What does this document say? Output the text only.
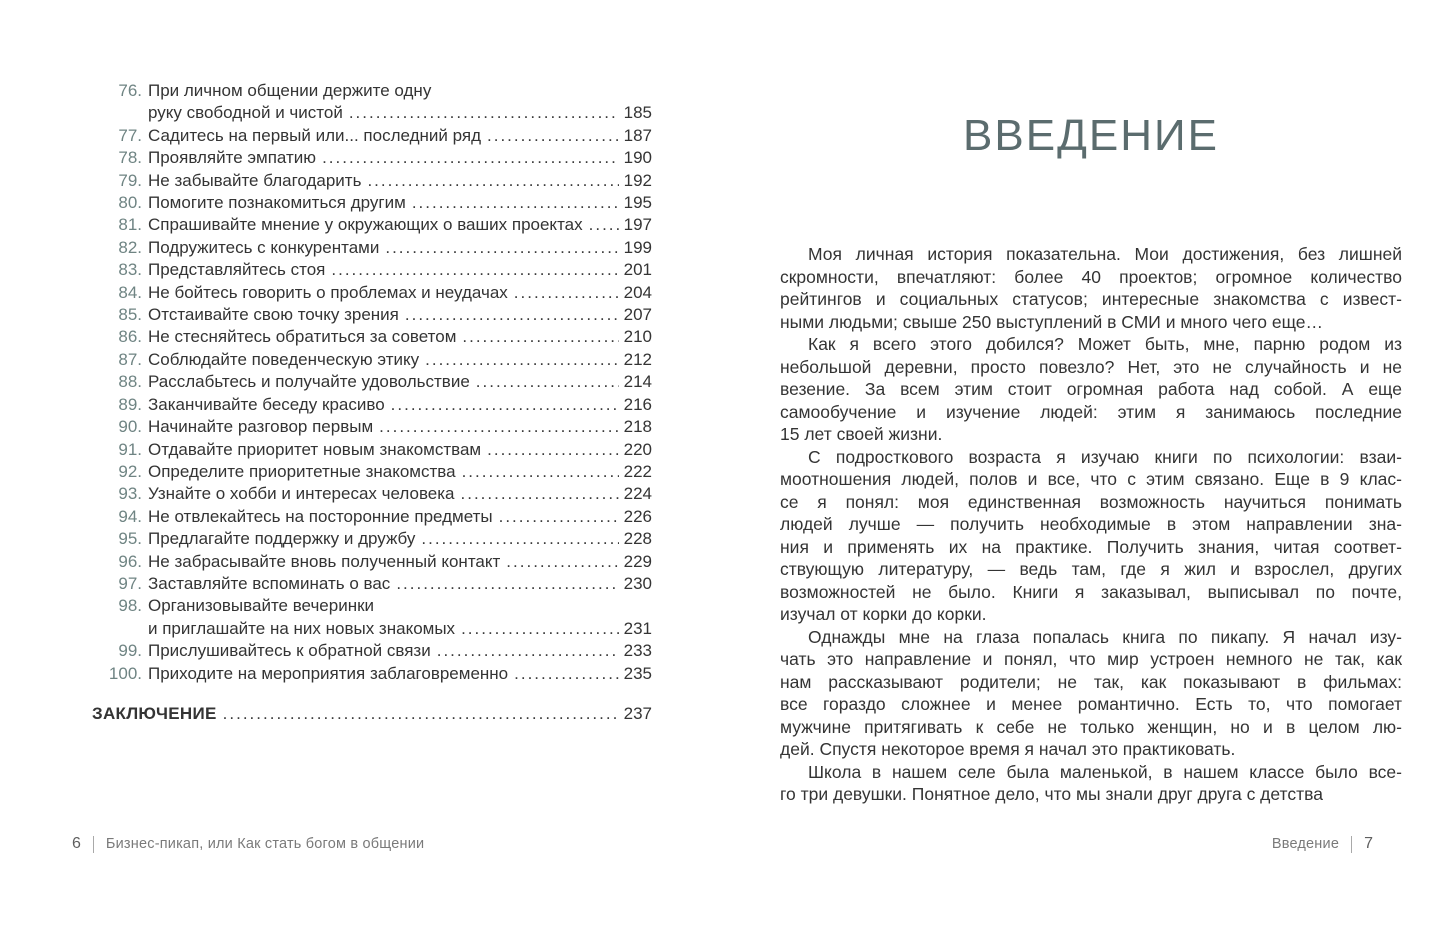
76. При личном общении держите одну
руку свободной и чистой .....	185
77. Садитесь на первый или... последний ряд .....	187
78. Проявляйте эмпатию .....	190
79. Не забывайте благодарить .....	192
80. Помогите познакомиться другим .....	195
81. Спрашивайте мнение у окружающих о ваших проектах ..... 197
82. Подружитесь с конкурентами .....	199
83. Представляйтесь стоя .....	201
84. Не бойтесь говорить о проблемах и неудачах .....	204
85. Отстаивайте свою точку зрения .....	207
86. Не стесняйтесь обратиться за советом .....	210
87. Соблюдайте поведенческую этику .....	212
88. Расслабьтесь и получайте удовольствие .....	214
89. Заканчивайте беседу красиво .....	216
90. Начинайте разговор первым .....	218
91. Отдавайте приоритет новым знакомствам .....	220
92. Определите приоритетные знакомства .....	222
93. Узнайте о хобби и интересах человека .....	224
94. Не отвлекайтесь на посторонние предметы .....	226
95. Предлагайте поддержку и дружбу .....	228
96. Не забрасывайте вновь полученный контакт .....	229
97. Заставляйте вспоминать о вас .....	230
98. Организовывайте вечеринки
и приглашайте на них новых знакомых .....	231
99. Прислушивайтесь к обратной связи .....	233
100. Приходите на мероприятия заблаговременно .....	235
ЗАКЛЮЧЕНИЕ .....	237
6 Бизнес-пикап, или Как стать богом в общении
ВВЕДЕНИЕ
Моя личная история показательна. Мои достижения, без лишней
скромности, впечатляют: более 40 проектов; огромное количество
рейтингов и социальных статусов; интересные знакомства с извест-
ными людьми; свыше 250 выступлений в СМИ и много чего еще…
Как я всего этого добился? Может быть, мне, парню родом из
небольшой деревни, просто повезло? Нет, это не случайность и не
везение. За всем этим стоит огромная работа над собой. А еще
самообучение и изучение людей: этим я занимаюсь последние
15 лет своей жизни.
С подросткового возраста я изучаю книги по психологии: взаи-
моотношения людей, полов и все, что с этим связано. Еще в 9 клас-
се я понял: моя единственная возможность научиться понимать
людей лучше — получить необходимые в этом направлении зна-
ния и применять их на практике. Получить знания, читая соответ-
ствующую литературу, — ведь там, где я жил и взрослел, других
возможностей не было. Книги я заказывал, выписывал по почте,
изучал от корки до корки.
Однажды мне на глаза попалась книга по пикапу. Я начал изу-
чать это направление и понял, что мир устроен немного не так, как
нам рассказывают родители; не так, как показывают в фильмах:
все гораздо сложнее и менее романтично. Есть то, что помогает
мужчине притягивать к себе не только женщин, но и в целом лю-
дей. Спустя некоторое время я начал это практиковать.
Школа в нашем селе была маленькой, в нашем классе было все-
го три девушки. Понятное дело, что мы знали друг друга с детства
Введение 7
